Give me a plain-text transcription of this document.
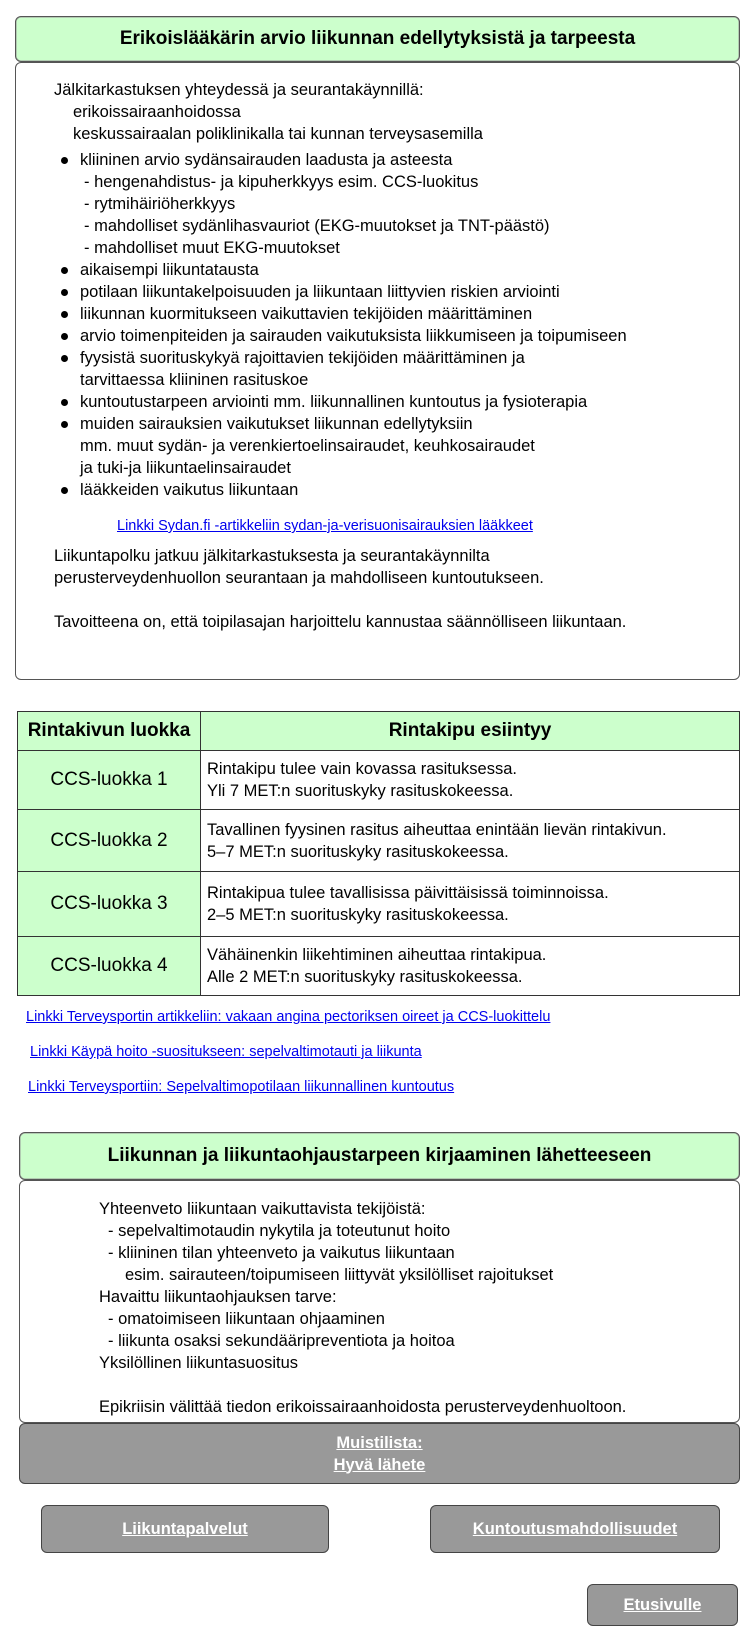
Erikoislääkärin arvio liikunnan edellytyksistä ja tarpeesta
Jälkitarkastuksen yhteydessä ja seurantakäynnillä:
erikoissairaanhoidossa
keskussairaalan poliklinikalla tai kunnan terveysasemilla
kliininen arvio sydänsairauden laadusta ja asteesta
- hengenahdistus- ja kipuherkkyys esim. CCS-luokitus
- rytmihäiriöherkkyys
- mahdolliset sydänlihasvauriot (EKG-muutokset ja TNT-päästö)
- mahdolliset muut EKG-muutokset
aikaisempi liikuntatausta
potilaan liikuntakelpoisuuden ja liikuntaan liittyvien riskien arviointi
liikunnan kuormitukseen vaikuttavien tekijöiden määrittäminen
arvio toimenpiteiden ja sairauden vaikutuksista liikkumiseen ja toipumiseen
fyysistä suorituskykyä rajoittavien tekijöiden määrittäminen ja
tarvittaessa kliininen rasituskoe
kuntoutustarpeen arviointi mm. liikunnallinen kuntoutus ja fysioterapia
muiden sairauksien vaikutukset liikunnan edellytyksiin
mm. muut sydän- ja verenkiertoelinsairaudet, keuhkosairaudet
ja tuki-ja liikuntaelinsairaudet
lääkkeiden vaikutus liikuntaan
Linkki Sydan.fi -artikkeliin sydan-ja-verisuonisairauksien lääkkeet
Liikuntapolku jatkuu jälkitarkastuksesta ja seurantakäynnilta
perusterveydenhuollon seurantaan ja mahdolliseen kuntoutukseen.
Tavoitteena on, että toipilasajan harjoittelu kannustaa säännölliseen liikuntaan.
Rintakivun luokka	Rintakipu esiintyy
CCS-luokka 1	Rintakipu tulee vain kovassa rasitukse​ssa.
Yli 7 MET:n suorituskyky rasituskokeessa.

CCS-luokka 2	Tavallinen fyysinen rasitus aiheuttaa enintään lievän rintakivun.
5–7 MET:n suorituskyky rasituskokeessa.

CCS-luokka 3	Rintakipua tulee tavallisissa päivittäisissä toiminnoissa.
2–5 MET:n suorituskyky rasituskokeessa.

CCS-luokka 4	Vähäinenkin liikehtiminen aiheuttaa rintakipua.
Alle 2 MET:n suorituskyky rasituskokeessa.
Linkki Terveysportin artikkeliin: vakaan angina pectoriksen oireet ja CCS-luokittelu
Linkki Käypä hoito -suositukseen: sepelvaltimotauti ja liikunta
Linkki Terveysportiin: Sepelvaltimopotilaan liikunnallinen kuntoutus
Liikunnan ja liikuntaohjaustarpeen kirjaaminen lähetteeseen
Yhteenveto liikuntaan vaikuttavista tekijöistä:
- sepelvaltimotaudin nykytila ja toteutunut hoito
- kliininen tilan yhteenveto ja vaikutus liikuntaan
esim. sairauteen/toipumiseen liittyvät yksilölliset rajoitukset
Havaittu liikuntaohjauksen tarve:
- omatoimiseen liikuntaan ohjaaminen
- liikunta osaksi sekundääripreventiota ja hoitoa
Yksilöllinen liikuntasuositus
Epikriisin välittää tiedon erikoissairaanhoidosta perusterveydenhuoltoon.
Muistilista:
Hyvä lähete
Liikuntapalvelut	Kuntoutusmahdollisuudet
Etusivulle
